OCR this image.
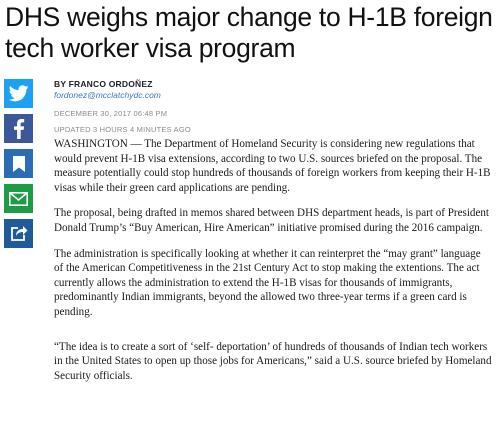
DHS weighs major change to H-1B foreign tech worker visa program
BY FRANCO ORDOÑEZ
fordonez@mcclatchydc.com
DECEMBER 30, 2017 06:48 PM
UPDATED 3 HOURS 4 MINUTES AGO

WASHINGTON — The Department of Homeland Security is considering new regulations that would prevent H-1B visa extensions, according to two U.S. sources briefed on the proposal. The measure potentially could stop hundreds of thousands of foreign workers from keeping their H-1B visas while their green card applications are pending.

The proposal, being drafted in memos shared between DHS department heads, is part of President Donald Trump’s “Buy American, Hire American” initiative promised during the 2016 campaign.

The administration is specifically looking at whether it can reinterpret the “may grant” language of the American Competitiveness in the 21st Century Act to stop making the extentions. The act currently allows the administration to extend the H-1B visas for thousands of immigrants, predominantly Indian immigrants, beyond the allowed two three-year terms if a green card is pending.

“The idea is to create a sort of ‘self- deportation’ of hundreds of thousands of Indian tech workers in the United States to open up those jobs for Americans,” said a U.S. source briefed by Homeland Security officials.
